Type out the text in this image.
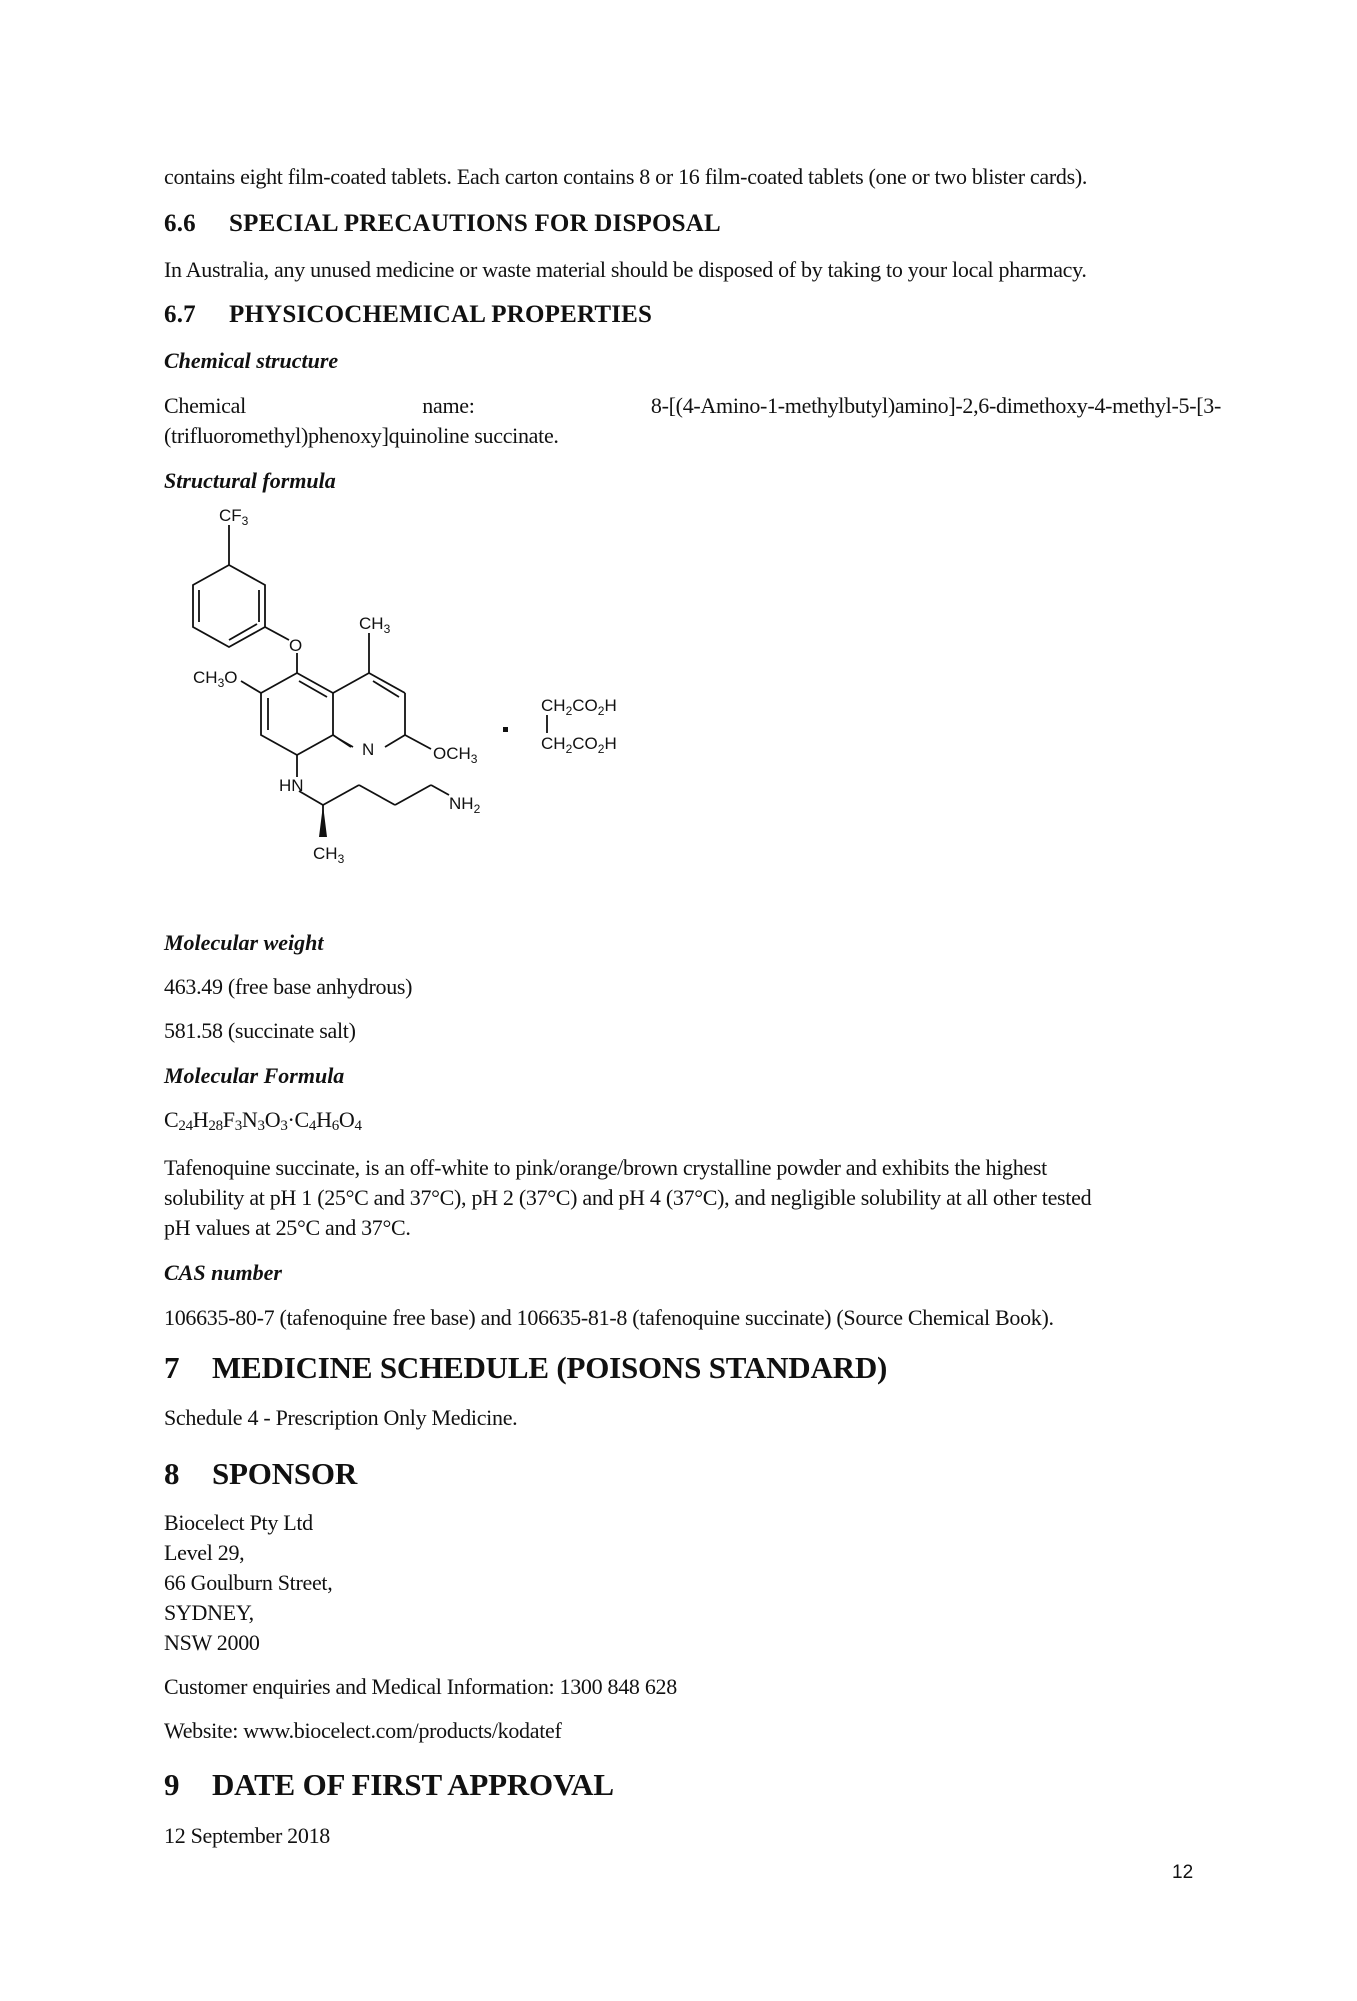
contains eight film-coated tablets. Each carton contains 8 or 16 film-coated tablets (one or two blister cards).
6.6 SPECIAL PRECAUTIONS FOR DISPOSAL
In Australia, any unused medicine or waste material should be disposed of by taking to your local pharmacy.
6.7 PHYSICOCHEMICAL PROPERTIES
Chemical structure
Chemical	name:	8-[(4-Amino-1-methylbutyl)amino]-2,6-dimethoxy-4-methyl-5-[3-
(trifluoromethyl)phenoxy]quinoline succinate.
Structural formula
Molecular weight
463.49 (free base anhydrous)
581.58 (succinate salt)
Molecular Formula
$C_{24}H_{28}F_3N_3O_3\cdot C_4H_6O_4$
Tafenoquine succinate, is an off-white to pink/orange/brown crystalline powder and exhibits the highest
solubility at pH 1 (25°C and 37°C), pH 2 (37°C) and pH 4 (37°C), and negligible solubility at all other tested
pH values at 25°C and 37°C.
CAS number
106635-80-7 (tafenoquine free base) and 106635-81-8 (tafenoquine succinate) (Source Chemical Book).
7 MEDICINE SCHEDULE (POISONS STANDARD)
Schedule 4 - Prescription Only Medicine.
8 SPONSOR
Biocelect Pty Ltd
Level 29,
66 Goulburn Street,
SYDNEY,
NSW 2000
Customer enquiries and Medical Information: 1300 848 628
Website: www.biocelect.com/products/kodatef
9 DATE OF FIRST APPROVAL
12 September 2018
$CF_3$
O
$CH_3$
$CH_3O$
N	$OCH_3$
HN
$NH_2$
$CH_3$
$CH_2CO_2H$
$CH_2CO_2H$
12
